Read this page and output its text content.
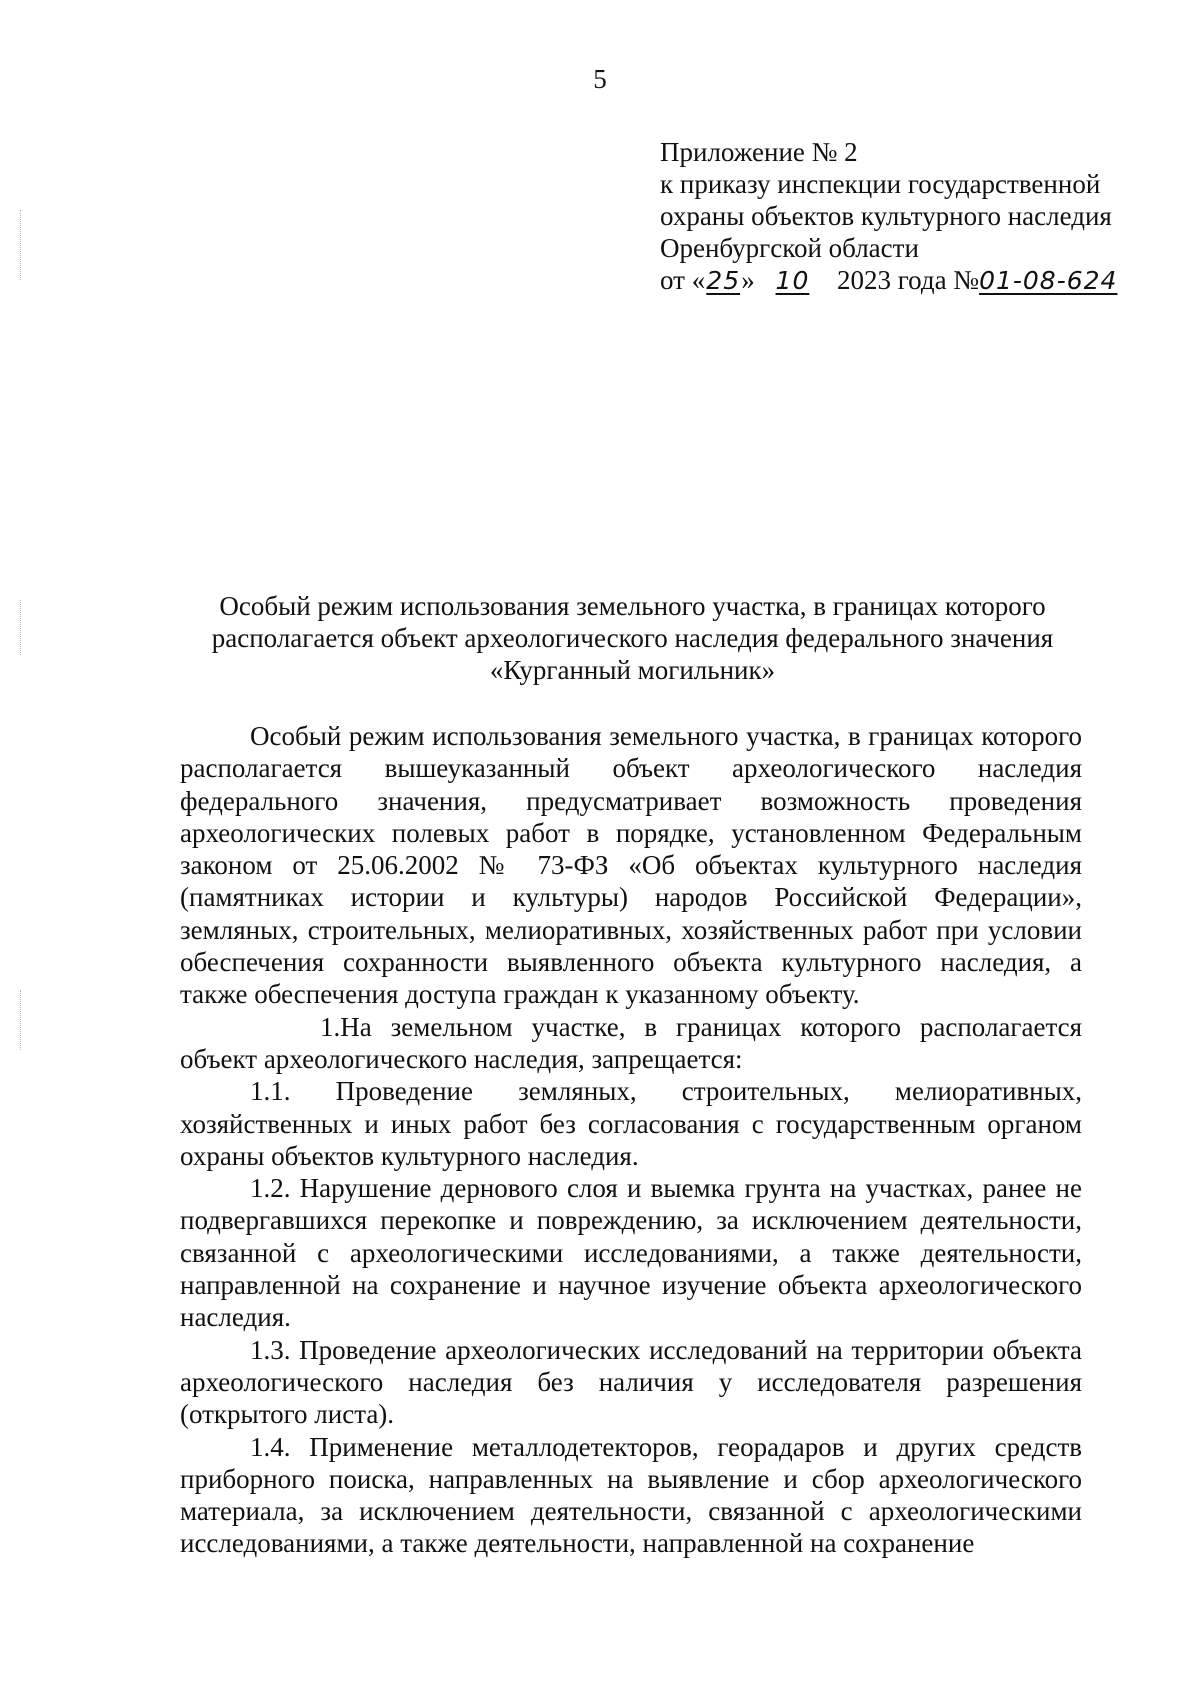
5
Приложение № 2
к приказу инспекции государственной
охраны объектов культурного наследия
Оренбургской области
от «25» 10 2023 года №01-08-624
Особый режим использования земельного участка, в границах которого
располагается объект археологического наследия федерального значения
«Курганный могильник»

Особый режим использования земельного участка, в границах которого располагается вышеуказанный объект археологического наследия федерального значения, предусматривает возможность проведения археологических полевых работ в порядке, установленном Федеральным законом от 25.06.2002 № 73-ФЗ «Об объектах культурного наследия (памятниках истории и культуры) народов Российской Федерации», земляных, строительных, мелиоративных, хозяйственных работ при условии обеспечения сохранности выявленного объекта культурного наследия, а также обеспечения доступа граждан к указанному объекту.

1.На земельном участке, в границах которого располагается объект археологического наследия, запрещается:

1.1. Проведение земляных, строительных, мелиоративных, хозяйственных и иных работ без согласования с государственным органом охраны объектов культурного наследия.

1.2. Нарушение дернового слоя и выемка грунта на участках, ранее не подвергавшихся перекопке и повреждению, за исключением деятельности, связанной с археологическими исследованиями, а также деятельности, направленной на сохранение и научное изучение объекта археологического наследия.

1.3. Проведение археологических исследований на территории объекта археологического наследия без наличия у исследователя разрешения (открытого листа).

1.4. Применение металлодетекторов, георадаров и других средств приборного поиска, направленных на выявление и сбор археологического материала, за исключением деятельности, связанной с археологическими исследованиями, а также деятельности, направленной на сохранение
